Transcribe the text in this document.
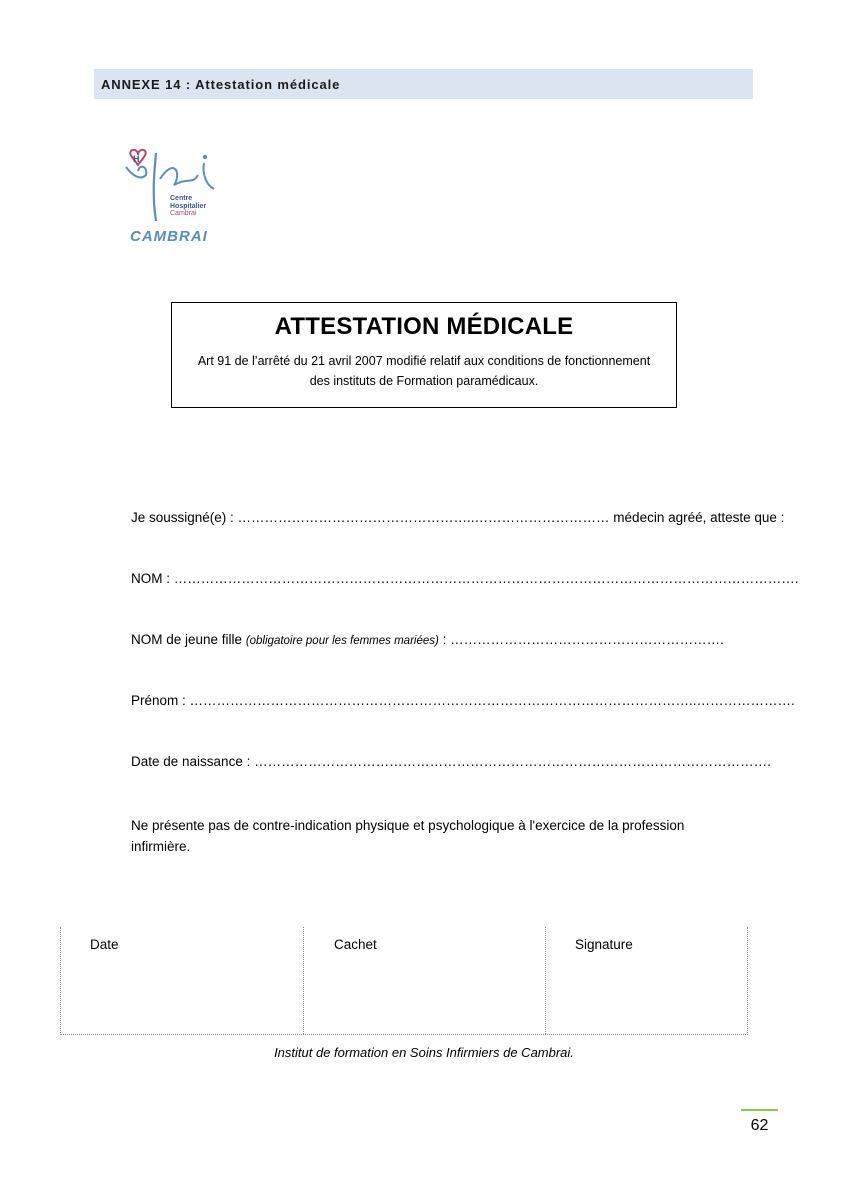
ANNEXE 14 : Attestation médicale
H
Centre
Hospitalier
Cambrai
CAMBRAI
ATTESTATION MÉDICALE

Art 91 de l’arrêté du 21 avril 2007 modifié relatif aux conditions de fonctionnement
des instituts de Formation paramédicaux.

Je soussigné(e) : ……………………………………………..………………………… médecin agréé, atteste que :
NOM : ………………………………………………………………………………………………………………………….
NOM de jeune fille (obligatoire pour les femmes mariées) : …………………………………………………….
Prénom : …………………………………………………………………………………………………..………………….
Date de naissance : …………………………………………………………………………………………………….
Ne présente pas de contre-indication physique et psychologique à l'exercice de la profession infirmière.
Date	Cachet	Signature
Institut de formation en Soins Infirmiers de Cambrai.
62
